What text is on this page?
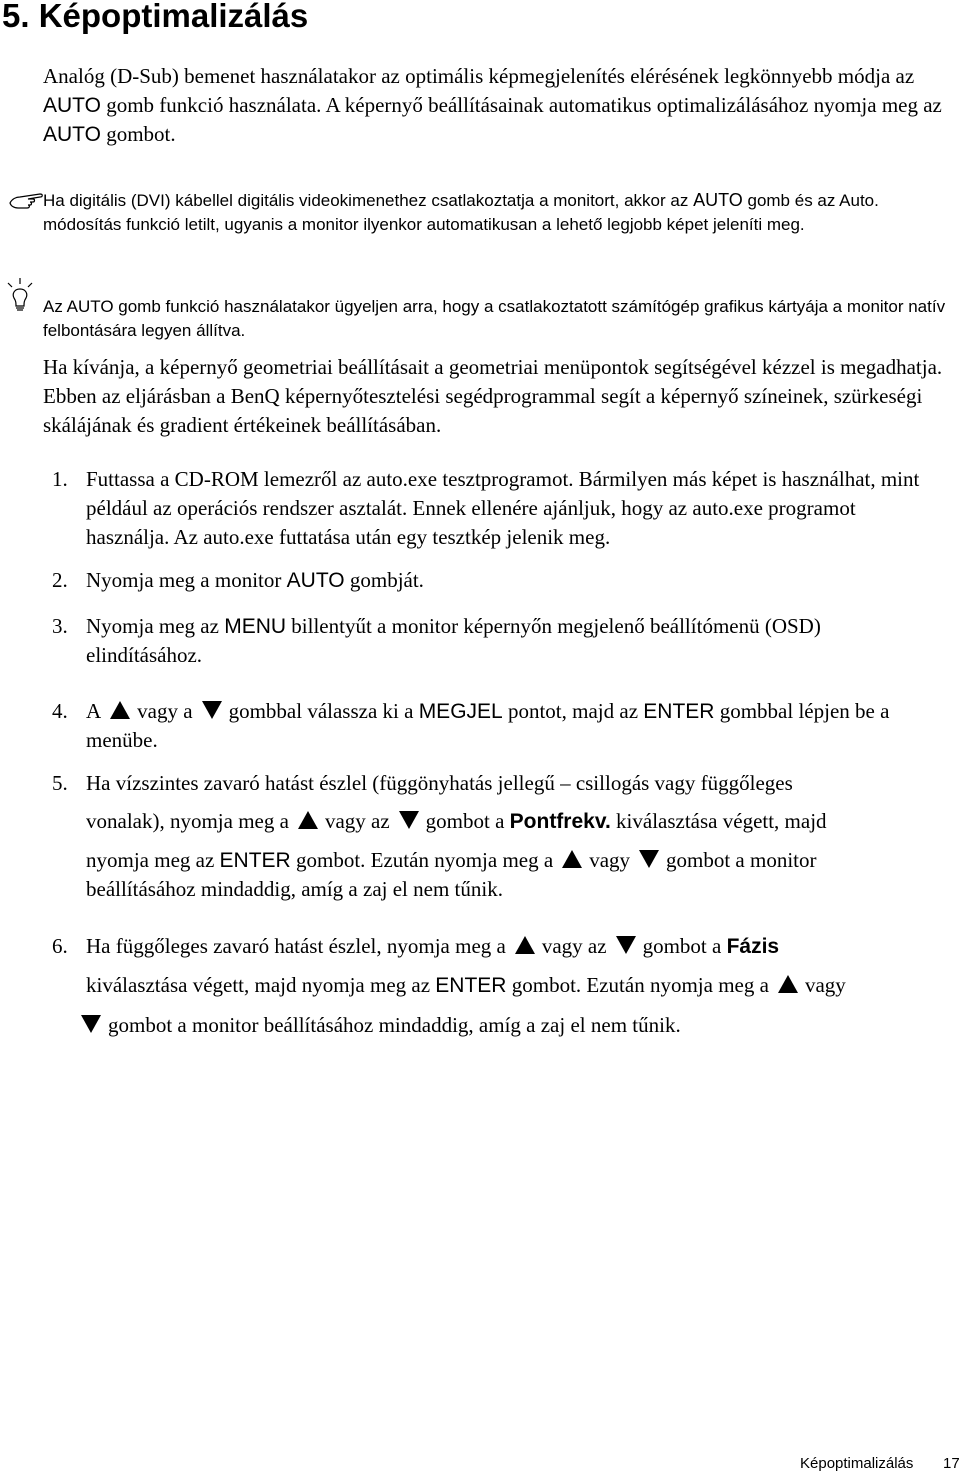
5. Képoptimalizálás
Analóg (D-Sub) bemenet használatakor az optimális képmegjelenítés elérésének legkönnyebb módja az AUTO gomb funkció használata. A képernyő beállításainak automatikus optimalizálásához nyomja meg az AUTO gombot.
Ha digitális (DVI) kábellel digitális videokimenethez csatlakoztatja a monitort, akkor az AUTO gomb és az Auto. módosítás funkció letilt, ugyanis a monitor ilyenkor automatikusan a lehető legjobb képet jeleníti meg.
Az AUTO gomb funkció használatakor ügyeljen arra, hogy a csatlakoztatott számítógép grafikus kártyája a monitor natív felbontására legyen állítva.
Ha kívánja, a képernyő geometriai beállításait a geometriai menüpontok segítségével kézzel is megadhatja. Ebben az eljárásban a BenQ képernyőtesztelési segédprogrammal segít a képernyő színeinek, szürkeségi skálájának és gradient értékeinek beállításában.
1. Futtassa a CD-ROM lemezről az auto.exe tesztprogramot. Bármilyen más képet is használhat, mint például az operációs rendszer asztalát. Ennek ellenére ajánljuk, hogy az auto.exe programot használja. Az auto.exe futtatása után egy tesztkép jelenik meg.
2. Nyomja meg a monitor AUTO gombját.
3. Nyomja meg az MENU billentyűt a monitor képernyőn megjelenő beállítómenü (OSD) elindításához.
4. A vagy a gombbal válassza ki a MEGJEL pontot, majd az ENTER gombbal lépjen be a menübe.
5. Ha vízszintes zavaró hatást észlel (függönyhatás jellegű – csillogás vagy függőleges
vonalak), nyomja meg a vagy az gombot a Pontfrekv. kiválasztása végett, majd
nyomja meg az ENTER gombot. Ezután nyomja meg a vagy gombot a monitor
beállításához mindaddig, amíg a zaj el nem tűnik.
6. Ha függőleges zavaró hatást észlel, nyomja meg a vagy az gombot a Fázis
kiválasztása végett, majd nyomja meg az ENTER gombot. Ezután nyomja meg a vagy
gombot a monitor beállításához mindaddig, amíg a zaj el nem tűnik.
Képoptimalizálás 17
